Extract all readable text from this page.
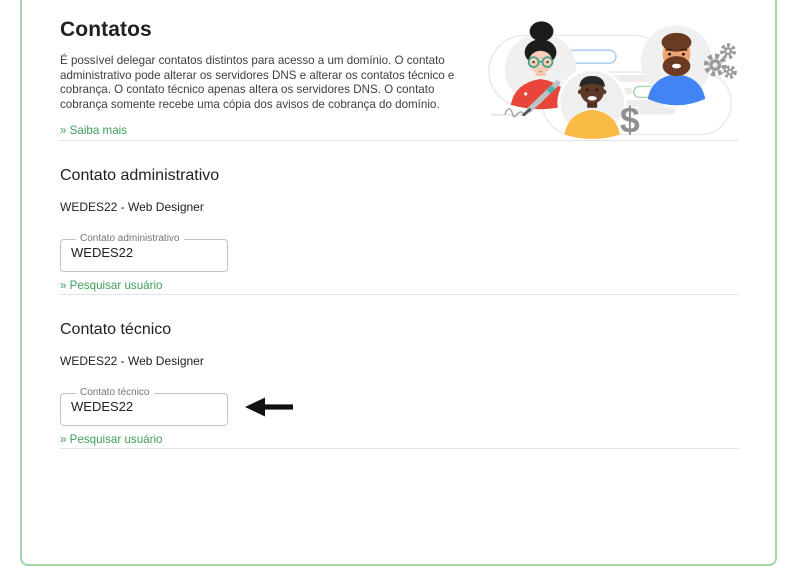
Contatos

É possível delegar contatos distintos para acesso a um domínio. O contato administrativo pode alterar os servidores DNS e alterar os contatos técnico e cobrança. O contato técnico apenas altera os servidores DNS. O contato cobrança somente recebe uma cópia dos avisos de cobrança do domínio.

» Saiba mais	$
Contato administrativo
WEDES22 - Web Designer
Contato administrativo
WEDES22
» Pesquisar usuário
Contato técnico
WEDES22 - Web Designer
Contato técnico
WEDES22
» Pesquisar usuário
